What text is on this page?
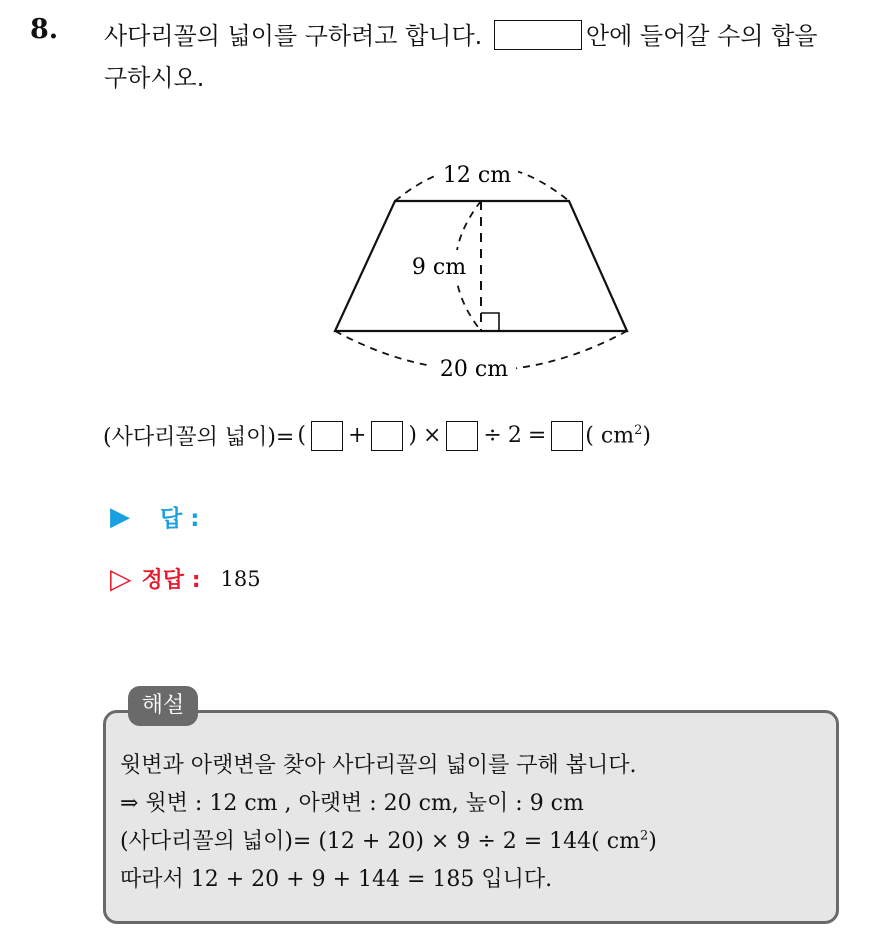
8. 사다리꼴의 넓이를 구하려고 합니다.	안에 들어갈 수의 합을
구하시오.
12 cm
9 cm
20 cm
(사다리꼴의 넓이)= ( + ) × ÷ 2 = ( $cm^2$)
▶ 답 :
▷ 정답 : 185
해설
윗변과 아랫변을 찾아 사다리꼴의 넓이를 구해 봅니다.
⇒ 윗변 : 12 cm , 아랫변 : 20 cm, 높이 : 9 cm
(사다리꼴의 넓이)= (12 + 20) × 9 ÷ 2 = 144( $cm^2$)
따라서 12 + 20 + 9 + 144 = 185 입니다.
